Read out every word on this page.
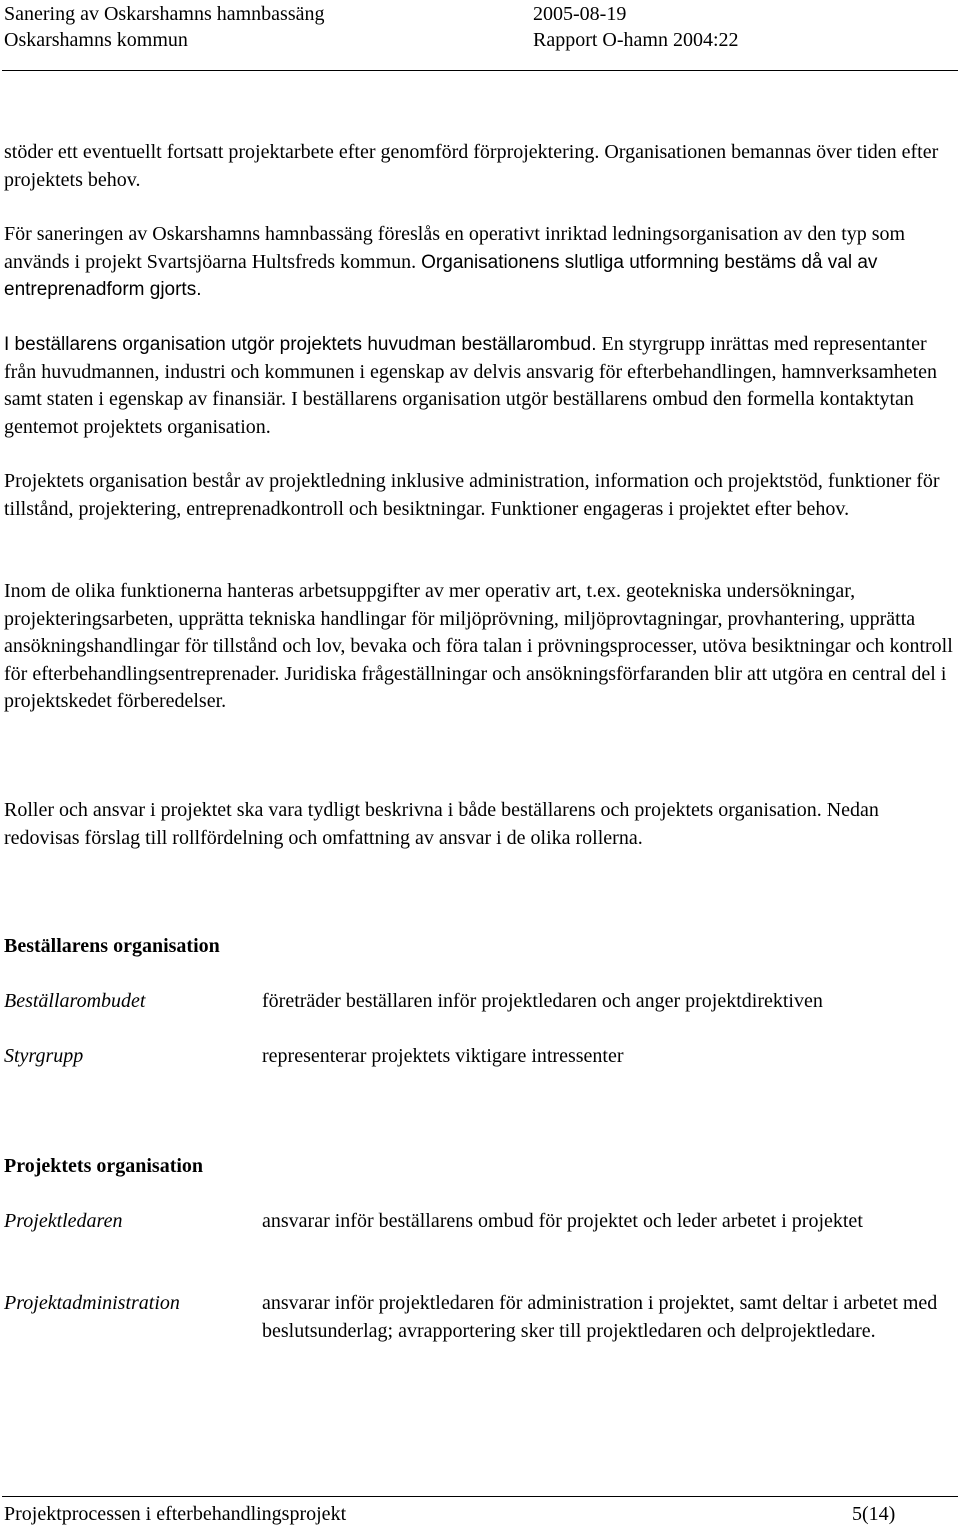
Sanering av Oskarshamns hamnbassäng	2005-08-19
Oskarshamns kommun	Rapport O-hamn 2004:22

stöder ett eventuellt fortsatt projektarbete efter genomförd förprojektering. Organisationen bemannas över tiden efter projektets behov.

För saneringen av Oskarshamns hamnbassäng föreslås en operativt inriktad ledningsorganisation av den typ som används i projekt Svartsjöarna Hultsfreds kommun. Organisationens slutliga utformning bestäms då val av entreprenadform gjorts.

I beställarens organisation utgör projektets huvudman beställarombud. En styrgrupp inrättas med representanter från huvudmannen, industri och kommunen i egenskap av delvis ansvarig för efterbehandlingen, hamnverksamheten samt staten i egenskap av finansiär. I beställarens organisation utgör beställarens ombud den formella kontaktytan gentemot projektets organisation.

Projektets organisation består av projektledning inklusive administration, information och projektstöd, funktioner för tillstånd, projektering, entreprenadkontroll och besiktningar. Funktioner engageras i projektet efter behov.

Inom de olika funktionerna hanteras arbetsuppgifter av mer operativ art, t.ex. geotekniska undersökningar, projekteringsarbeten, upprätta tekniska handlingar för miljöprövning, miljöprovtagningar, provhantering, upprätta ansökningshandlingar för tillstånd och lov, bevaka och föra talan i prövningsprocesser, utöva besiktningar och kontroll för efterbehandlingsentreprenader. Juridiska frågeställningar och ansökningsförfaranden blir att utgöra en central del i projektskedet förberedelser.

Roller och ansvar i projektet ska vara tydligt beskrivna i både beställarens och projektets organisation. Nedan redovisas förslag till rollfördelning och omfattning av ansvar i de olika rollerna.

Beställarens organisation
Beställarombudet	företräder beställaren inför projektledaren och anger projektdirektiven
Styrgrupp	representerar projektets viktigare intressenter
Projektets organisation
Projektledaren	ansvarar inför beställarens ombud för projektet och leder arbetet i projektet
Projektadministration	ansvarar inför projektledaren för administration i projektet, samt deltar i arbetet med beslutsunderlag; avrapportering sker till projektledaren och delprojektledare.
Projektprocessen i efterbehandlingsprojekt	5(14)
